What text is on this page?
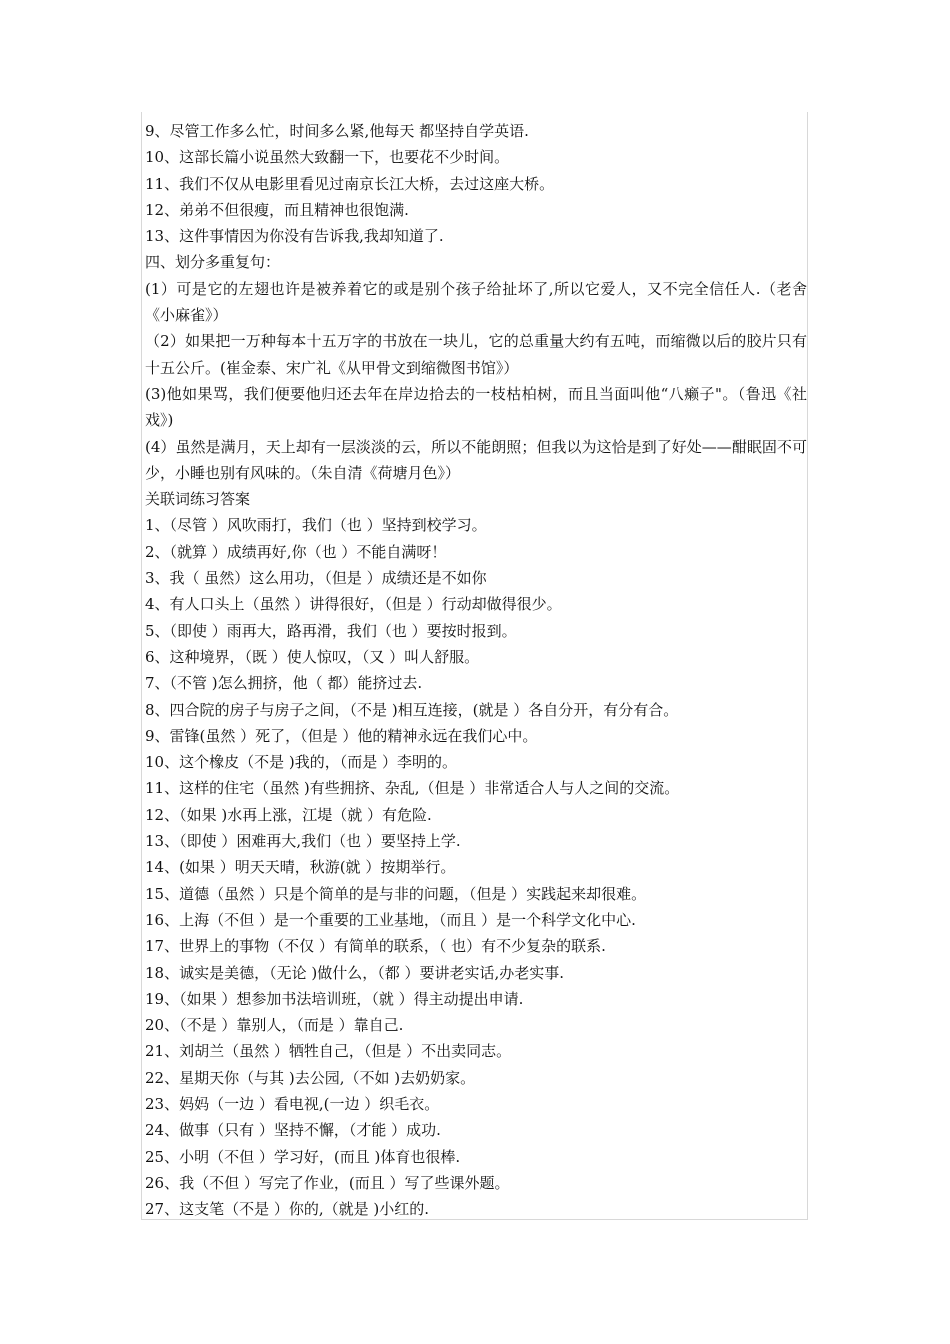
9、尽管工作多么忙，时间多么紧,他每天 都坚持自学英语.
10、这部长篇小说虽然大致翻一下，也要花不少时间。
11、我们不仅从电影里看见过南京长江大桥，去过这座大桥。
12、弟弟不但很瘦，而且精神也很饱满.
13、这件事情因为你没有告诉我,我却知道了.
四、划分多重复句：
(1）可是它的左翅也许是被养着它的或是别个孩子给扯坏了,所以它爱人，又不完全信任人.（老舍《小麻雀》）
（2）如果把一万种每本十五万字的书放在一块儿，它的总重量大约有五吨，而缩微以后的胶片只有十五公斤。(崔金泰、宋广礼《从甲骨文到缩微图书馆》）
(3)他如果骂，我们便要他归还去年在岸边拾去的一枝枯柏树，而且当面叫他“八癞子"。（鲁迅《社戏》)
(4）虽然是满月，天上却有一层淡淡的云，所以不能朗照；但我以为这恰是到了好处——酣眠固不可少，小睡也别有风味的。（朱自清《荷塘月色》）
关联词练习答案
1、（尽管 ）风吹雨打，我们（也 ）坚持到校学习。
2、（就算 ）成绩再好,你（也 ）不能自满呀！
3、我（ 虽然）这么用功，（但是 ）成绩还是不如你
4、有人口头上（虽然 ）讲得很好，（但是 ）行动却做得很少。
5、（即使 ）雨再大，路再滑，我们（也 ）要按时报到。
6、这种境界，（既 ）使人惊叹，（又 ）叫人舒服。
7、（不管 )怎么拥挤，他（ 都）能挤过去.
8、四合院的房子与房子之间，（不是 )相互连接，(就是 ）各自分开，有分有合。
9、雷锋(虽然 ）死了，（但是 ）他的精神永远在我们心中。
10、这个橡皮（不是 )我的，（而是 ）李明的。
11、这样的住宅（虽然 )有些拥挤、杂乱,（但是 ）非常适合人与人之间的交流。
12、（如果 )水再上涨，江堤（就 ）有危险.
13、（即使 ）困难再大,我们（也 ）要坚持上学.
14、(如果 ）明天天晴，秋游(就 ）按期举行。
15、道德（虽然 ）只是个简单的是与非的问题，（但是 ）实践起来却很难。
16、上海（不但 ）是一个重要的工业基地，（而且 ）是一个科学文化中心.
17、世界上的事物（不仅 ）有简单的联系，（ 也）有不少复杂的联系.
18、诚实是美德，（无论 )做什么，（都 ）要讲老实话,办老实事.
19、（如果 ）想参加书法培训班，（就 ）得主动提出申请.
20、（不是 ）靠别人，（而是 ）靠自己.
21、刘胡兰（虽然 ）牺牲自己，（但是 ）不出卖同志。
22、星期天你（与其 )去公园,（不如 )去奶奶家。
23、妈妈（一边 ）看电视,(一边 ）织毛衣。
24、做事（只有 ）坚持不懈，（才能 ）成功.
25、小明（不但 ）学习好，(而且 )体育也很棒.
26、我（不但 ）写完了作业，(而且 ）写了些课外题。
27、这支笔（不是 ）你的,（就是 )小红的.
